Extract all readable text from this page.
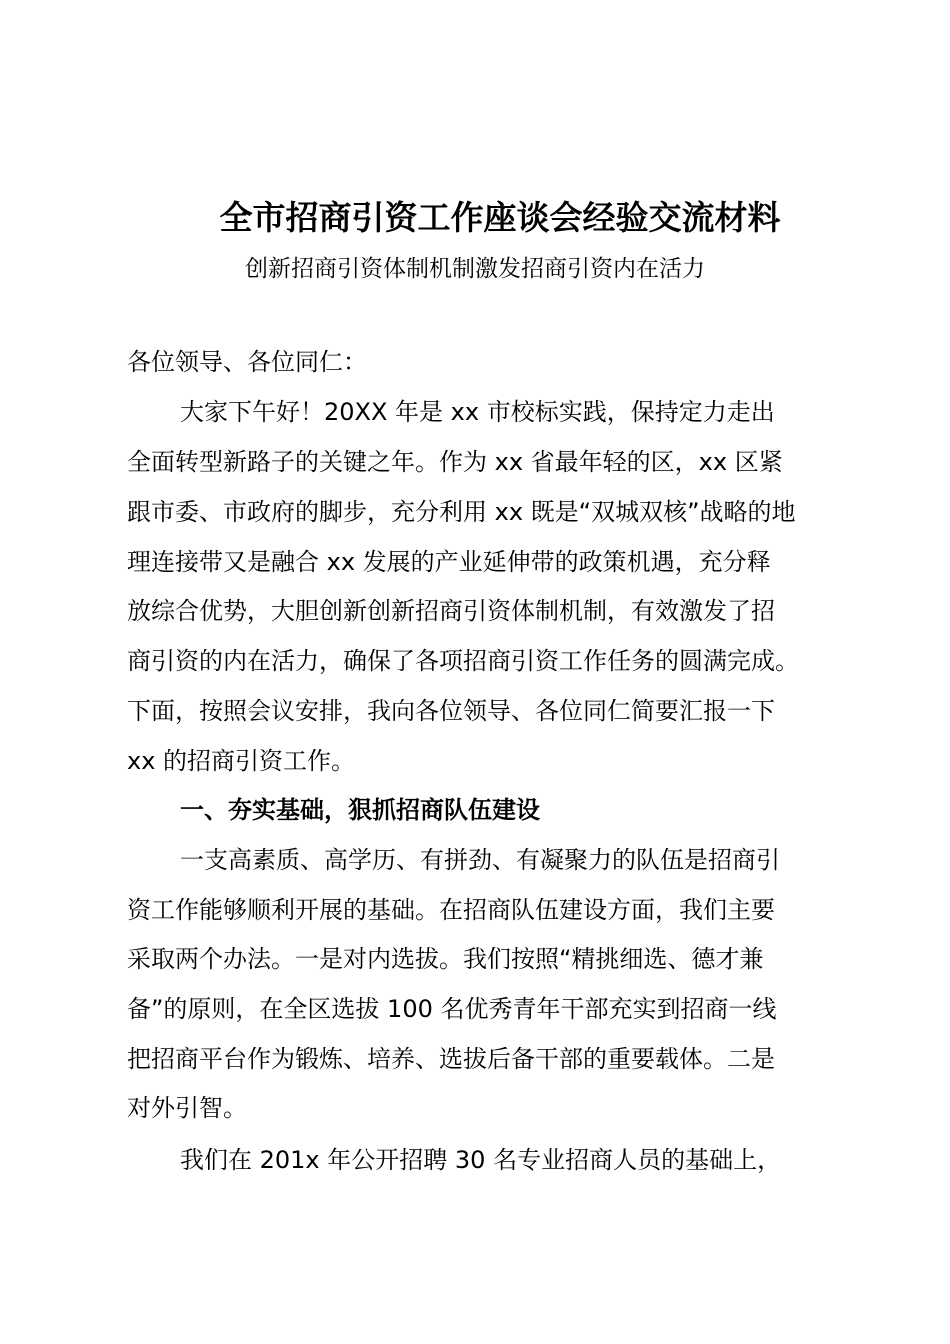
全市招商引资工作座谈会经验交流材料
创新招商引资体制机制激发招商引资内在活力
各位领导、各位同仁：
大家下午好！20XX 年是 xx 市校标实践，保持定力走出
全面转型新路子的关键之年。作为 xx 省最年轻的区，xx 区紧
跟市委、市政府的脚步，充分利用 xx 既是“双城双核”战略的地
理连接带又是融合 xx 发展的产业延伸带的政策机遇，充分释
放综合优势，大胆创新创新招商引资体制机制，有效激发了招
商引资的内在活力，确保了各项招商引资工作任务的圆满完成。
下面，按照会议安排，我向各位领导、各位同仁简要汇报一下
xx 的招商引资工作。
一、夯实基础，狠抓招商队伍建设
一支高素质、高学历、有拼劲、有凝聚力的队伍是招商引
资工作能够顺利开展的基础。在招商队伍建设方面，我们主要
采取两个办法。一是对内选拔。我们按照“精挑细选、德才兼
备”的原则，在全区选拔 100 名优秀青年干部充实到招商一线
把招商平台作为锻炼、培养、选拔后备干部的重要载体。二是
对外引智。
我们在 201x 年公开招聘 30 名专业招商人员的基础上，
